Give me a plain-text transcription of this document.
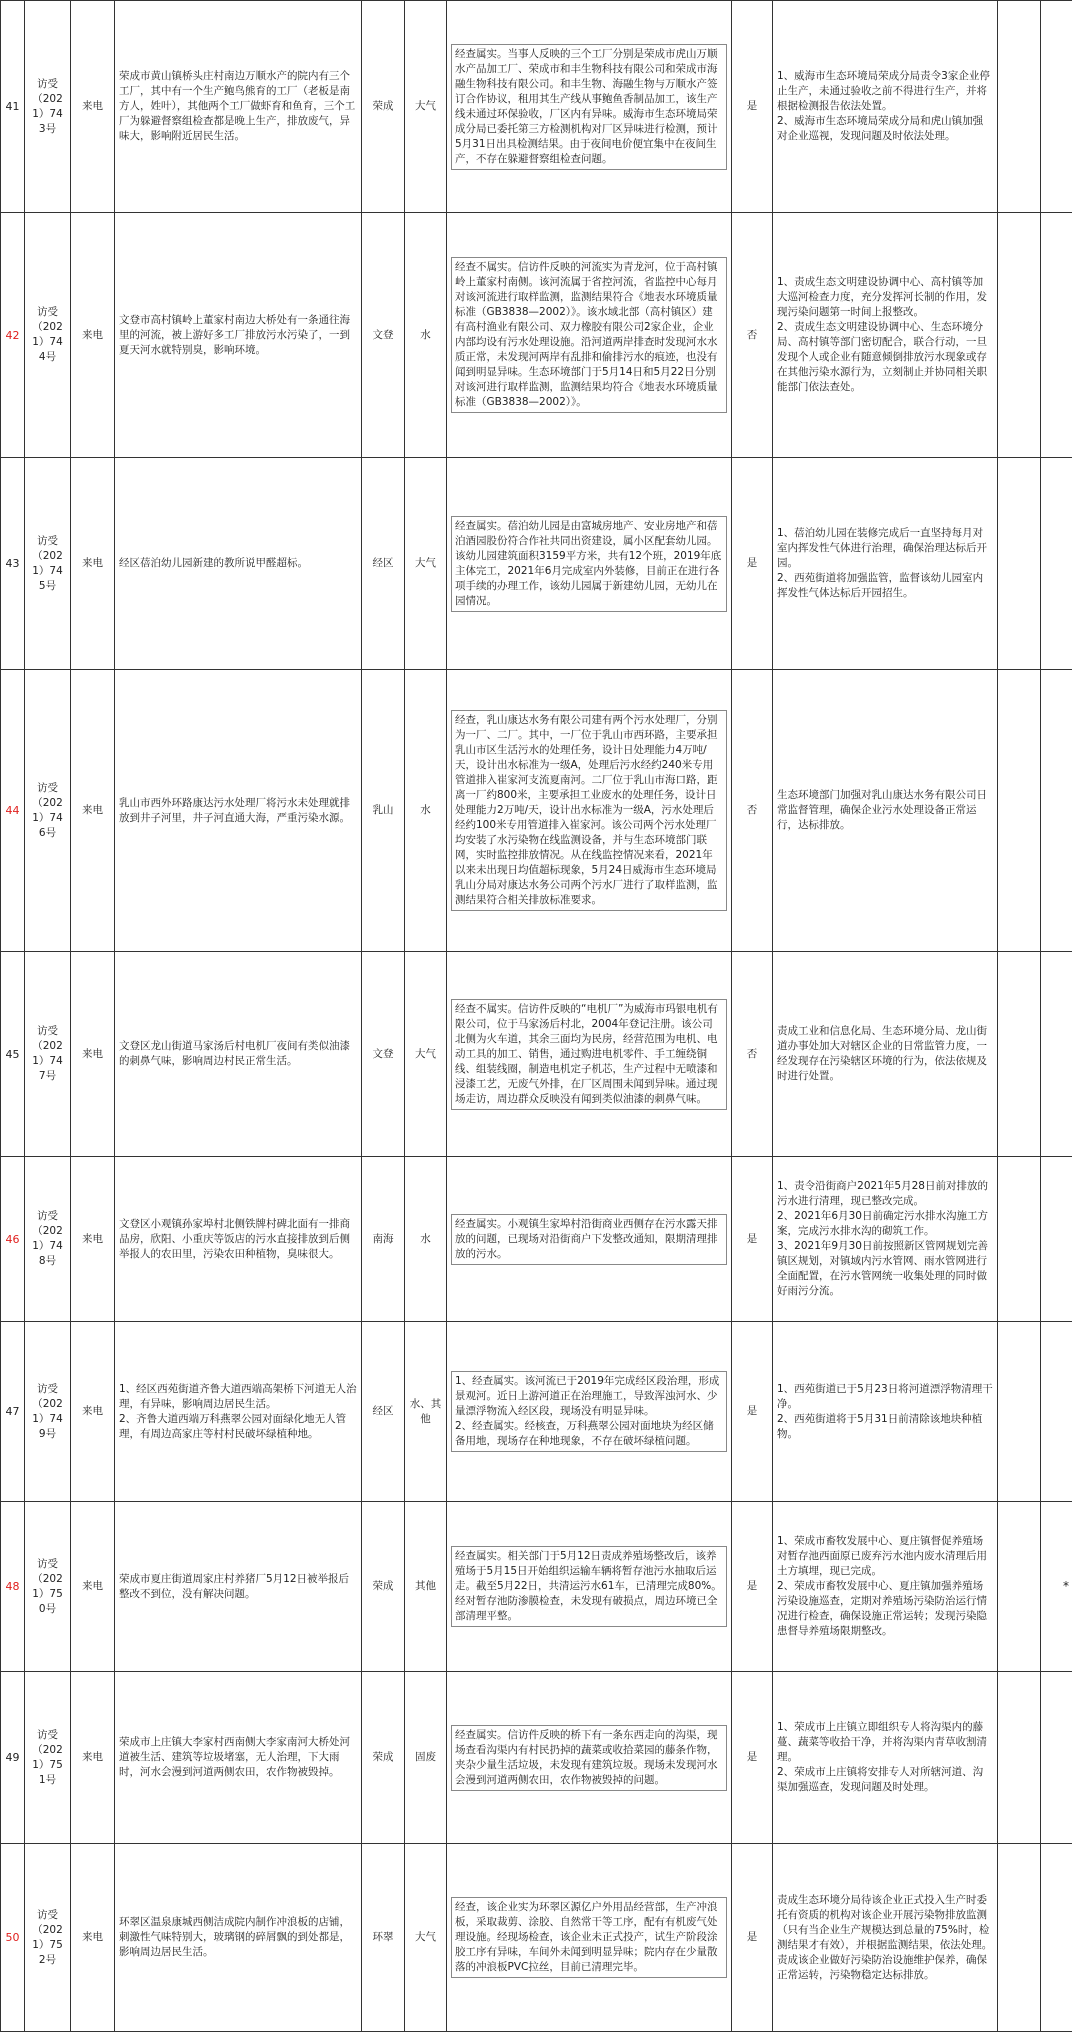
41	访受（2021）743号	来电	荣成市黄山镇桥头庄村南边万顺水产的院内有三个工厂，其中有一个生产鲍鸟熊育的工厂（老板是南方人，姓叶），其他两个工厂做虾育和鱼育，三个工厂为躲避督察组检查都是晚上生产，排放废气，异味大，影响附近居民生活。	荣成	大气	经查属实。当事人反映的三个工厂分别是荣成市虎山万顺水产品加工厂、荣成市和丰生物科技有限公司和荣成市海融生物科技有限公司。和丰生物、海融生物与万顺水产签订合作协议，租用其生产线从事鲍鱼香制品加工，该生产线未通过环保验收，厂区内有异味。威海市生态环境局荣成分局已委托第三方检测机构对厂区异味进行检测，预计5月31日出具检测结果。由于夜间电价便宜集中在夜间生产，不存在躲避督察组检查问题。	是	1、威海市生态环境局荣成分局责令3家企业停止生产，未通过验收之前不得进行生产，并将根据检测报告依法处置。
2、威海市生态环境局荣成分局和虎山镇加强对企业巡视，发现问题及时依法处理。		
42	访受（2021）744号	来电	文登市高村镇岭上董家村南边大桥处有一条通往海里的河流，被上游好多工厂排放污水污染了，一到夏天河水就特别臭，影响环境。	文登	水	经查不属实。信访件反映的河流实为青龙河，位于高村镇岭上董家村南侧。该河流属于省控河流，省监控中心每月对该河流进行取样监测，监测结果符合《地表水环境质量标准（GB3838—2002）》。该水域北部（高村镇区）建有高村渔业有限公司、双力橡胶有限公司2家企业，企业内部均设有污水处理设施。沿河道两岸排查时发现河水水质正常，未发现河两岸有乱排和偷排污水的痕迹，也没有闻到明显异味。生态环境部门于5月14日和5月22日分别对该河进行取样监测，监测结果均符合《地表水环境质量标准（GB3838—2002）》。	否	1、责成生态文明建设协调中心、高村镇等加大巡河检查力度，充分发挥河长制的作用，发现污染问题第一时间上报整改。
2、责成生态文明建设协调中心、生态环境分局、高村镇等部门密切配合，联合行动，一旦发现个人或企业有随意倾倒排放污水现象或存在其他污染水源行为，立刻制止并协同相关职能部门依法查处。		
43	访受（2021）745号	来电	经区蓓泊幼儿园新建的教所说甲醛超标。	经区	大气	经查属实。蓓泊幼儿园是由富城房地产、安业房地产和蓓泊酒园股份符合作社共同出资建设，属小区配套幼儿园。该幼儿园建筑面积3159平方米，共有12个班，2019年底主体完工，2021年6月完成室内外装修，目前正在进行各项手续的办理工作，该幼儿园属于新建幼儿园，无幼儿在园情况。	是	1、蓓泊幼儿园在装修完成后一直坚持每月对室内挥发性气体进行治理，确保治理达标后开园。
2、西苑街道将加强监管，监督该幼儿园室内挥发性气体达标后开园招生。		
44	访受（2021）746号	来电	乳山市西外环路康达污水处理厂将污水未处理就排放到井子河里，井子河直通大海，严重污染水源。	乳山	水	经查，乳山康达水务有限公司建有两个污水处理厂，分别为一厂、二厂。其中，一厂位于乳山市西环路，主要承担乳山市区生活污水的处理任务，设计日处理能力4万吨/天，设计出水标准为一级A，处理后污水经约240米专用管道排入崔家河支流夏南河。二厂位于乳山市海口路，距离一厂约800米，主要承担工业废水的处理任务，设计日处理能力2万吨/天，设计出水标准为一级A，污水处理后经约100米专用管道排入崔家河。该公司两个污水处理厂均安装了水污染物在线监测设备，并与生态环境部门联网，实时监控排放情况。从在线监控情况来看，2021年以来未出现日均值超标现象，5月24日威海市生态环境局乳山分局对康达水务公司两个污水厂进行了取样监测，监测结果符合相关排放标准要求。	否	生态环境部门加强对乳山康达水务有限公司日常监督管理，确保企业污水处理设备正常运行，达标排放。		
45	访受（2021）747号	来电	文登区龙山街道马家汤后村电机厂夜间有类似油漆的刺鼻气味，影响周边村民正常生活。	文登	大气	经查不属实。信访件反映的“电机厂”为威海市玛银电机有限公司，位于马家汤后村北，2004年登记注册。该公司北侧为火车道，其余三面均为民房，经营范围为电机、电动工具的加工、销售，通过购进电机零件、手工缠绕铜线、组装线圈，制造电机定子机芯，生产过程中无喷漆和浸漆工艺，无废气外排，在厂区周围未闻到异味。通过现场走访，周边群众反映没有闻到类似油漆的刺鼻气味。	否	责成工业和信息化局、生态环境分局、龙山街道办事处加大对辖区企业的日常监管力度，一经发现存在污染辖区环境的行为，依法依规及时进行处置。		
46	访受（2021）748号	来电	文登区小观镇孙家埠村北侧铁牌村碑北面有一排商品房，欣阳、小重庆等饭店的污水直接排放到后侧举报人的农田里，污染农田种植物，臭味很大。	南海	水	经查属实。小观镇生家埠村沿街商业西侧存在污水露天排放的问题，已现场对沿街商户下发整改通知，限期清理排放的污水。	是	1、责令沿街商户2021年5月28日前对排放的污水进行清理，现已整改完成。
2、2021年6月30日前确定污水排水沟施工方案，完成污水排水沟的砌筑工作。
3、2021年9月30日前按照新区管网规划完善镇区规划，对镇域内污水管网、雨水管网进行全面配置，在污水管网统一收集处理的同时做好雨污分流。		
47	访受（2021）749号	来电	1、经区西苑街道齐鲁大道西端高架桥下河道无人治理，有异味，影响周边居民生活。
2、齐鲁大道西端万科燕翠公园对面绿化地无人管理，有周边高家庄等村村民破坏绿植种地。	经区	水、其他	1、经查属实。该河流已于2019年完成经区段治理，形成景观河。近日上游河道正在治理施工，导致浑浊河水、少量漂浮物流入经区段，现场没有明显异味。
2、经查属实。经核查，万科燕翠公园对面地块为经区储备用地，现场存在种地现象，不存在破坏绿植问题。	是	1、西苑街道已于5月23日将河道漂浮物清理干净。
2、西苑街道将于5月31日前清除该地块种植物。		
48	访受（2021）750号	来电	荣成市夏庄街道周家庄村养猪厂5月12日被举报后整改不到位，没有解决问题。	荣成	其他	经查属实。相关部门于5月12日责成养殖场整改后，该养殖场于5月15日开始组织运输车辆将暂存池污水抽取后运走。截至5月22日，共清运污水61车，已清理完成80%。经对暂存池防渗膜检查，未发现有破损点，周边环境已全部清理平整。	是	1、荣成市畜牧发展中心、夏庄镇督促养殖场对暂存池西面原已废弃污水池内废水清理后用土方填埋，现已完成。
2、荣成市畜牧发展中心、夏庄镇加强养殖场污染设施巡查，定期对养殖场污染防治运行情况进行检查，确保设施正常运转；发现污染隐患督导养殖场限期整改。		*
49	访受（2021）751号	来电	荣成市上庄镇大李家村西南侧大李家南河大桥处河道被生活、建筑等垃圾堵塞，无人治理，下大雨时，河水会漫到河道两侧农田，农作物被毁掉。	荣成	固废	经查属实。信访件反映的桥下有一条东西走向的沟渠，现场查看沟渠内有村民扔掉的蔬菜或收拾菜园的藤条作物，夹杂少量生活垃圾，未发现有建筑垃圾。现场未发现河水会漫到河道两侧农田，农作物被毁掉的问题。	是	1、荣成市上庄镇立即组织专人将沟渠内的藤蔓、蔬菜等收拾干净，并将沟渠内青草收割清理。
2、荣成市上庄镇将安排专人对所辖河道、沟渠加强巡查，发现问题及时处理。		
50	访受（2021）752号	来电	环翠区温泉康城西侧洁成院内制作冲浪板的店铺，刺激性气味特别大，玻璃钢的碎屑飘的到处都是，影响周边居民生活。	环翠	大气	经查，该企业实为环翠区源亿户外用品经营部，生产冲浪板，采取裁剪、涂胶、自然常干等工序，配有有机废气处理设施。经现场检查，该企业未正式投产，试生产阶段涂胶工序有异味，车间外未闻到明显异味；院内存在少量散落的冲浪板PVC拉丝，目前已清理完毕。	是	责成生态环境分局待该企业正式投入生产时委托有资质的机构对该企业开展污染物排放监测（只有当企业生产规模达到总量的75%时，检测结果才有效），并根据监测结果，依法处理。责成该企业做好污染防治设施维护保养，确保正常运转，污染物稳定达标排放。		
